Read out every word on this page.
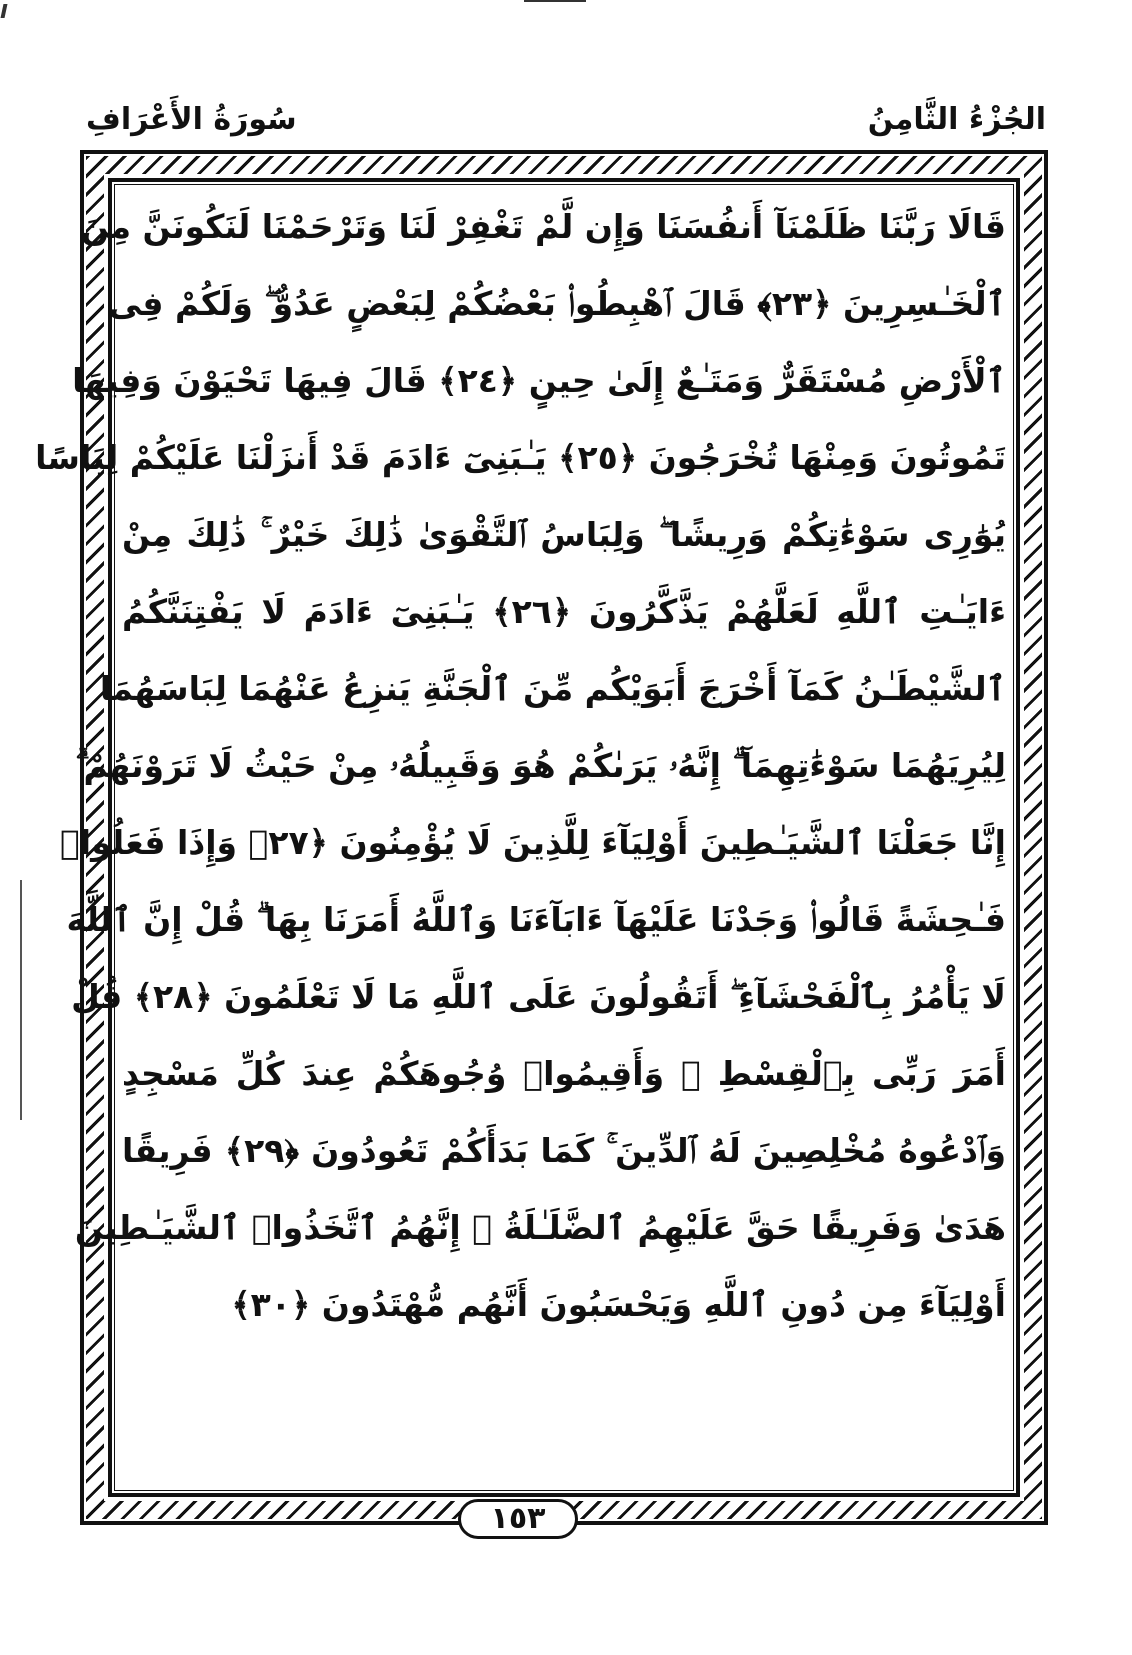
سُورَةُ الأَعْرَافِ	الجُزْءُ الثَّامِنُ
قَالَا رَبَّنَا ظَلَمْنَآ أَنفُسَنَا وَإِن لَّمْ تَغْفِرْ لَنَا وَتَرْحَمْنَا لَنَكُونَنَّ مِنَ
ٱلْخَـٰسِرِينَ ﴿٢٣﴾ قَالَ ٱهْبِطُوا۟ بَعْضُكُمْ لِبَعْضٍ عَدُوٌّ ۖ وَلَكُمْ فِى
ٱلْأَرْضِ مُسْتَقَرٌّ وَمَتَـٰعٌ إِلَىٰ حِينٍ ﴿٢٤﴾ قَالَ فِيهَا تَحْيَوْنَ وَفِيهَا
تَمُوتُونَ وَمِنْهَا تُخْرَجُونَ ﴿٢٥﴾ يَـٰبَنِىٓ ءَادَمَ قَدْ أَنزَلْنَا عَلَيْكُمْ لِبَاسًا
يُوَٰرِى سَوْءَٰتِكُمْ وَرِيشًا ۖ وَلِبَاسُ ٱلتَّقْوَىٰ ذَٰلِكَ خَيْرٌ ۚ ذَٰلِكَ مِنْ
ءَايَـٰتِ ٱللَّهِ لَعَلَّهُمْ يَذَّكَّرُونَ ﴿٢٦﴾ يَـٰبَنِىٓ ءَادَمَ لَا يَفْتِنَنَّكُمُ
ٱلشَّيْطَـٰنُ كَمَآ أَخْرَجَ أَبَوَيْكُم مِّنَ ٱلْجَنَّةِ يَنزِعُ عَنْهُمَا لِبَاسَهُمَا
لِيُرِيَهُمَا سَوْءَٰتِهِمَآ ۗ إِنَّهُۥ يَرَىٰكُمْ هُوَ وَقَبِيلُهُۥ مِنْ حَيْثُ لَا تَرَوْنَهُمْ ۗ
إِنَّا جَعَلْنَا ٱلشَّيَـٰطِينَ أَوْلِيَآءَ لِلَّذِينَ لَا يُؤْمِنُونَ ﴿٢٧﴾ وَإِذَا فَعَلُوا۟
فَـٰحِشَةً قَالُوا۟ وَجَدْنَا عَلَيْهَآ ءَابَآءَنَا وَٱللَّهُ أَمَرَنَا بِهَا ۗ قُلْ إِنَّ ٱللَّهَ
لَا يَأْمُرُ بِٱلْفَحْشَآءِ ۖ أَتَقُولُونَ عَلَى ٱللَّهِ مَا لَا تَعْلَمُونَ ﴿٢٨﴾ قُلْ
أَمَرَ رَبِّى بِٱلْقِسْطِ ۖ وَأَقِيمُوا۟ وُجُوهَكُمْ عِندَ كُلِّ مَسْجِدٍ
وَٱدْعُوهُ مُخْلِصِينَ لَهُ ٱلدِّينَ ۚ كَمَا بَدَأَكُمْ تَعُودُونَ ﴿٢٩﴾ فَرِيقًا
هَدَىٰ وَفَرِيقًا حَقَّ عَلَيْهِمُ ٱلضَّلَـٰلَةُ ۗ إِنَّهُمُ ٱتَّخَذُوا۟ ٱلشَّيَـٰطِينَ
أَوْلِيَآءَ مِن دُونِ ٱللَّهِ وَيَحْسَبُونَ أَنَّهُم مُّهْتَدُونَ ﴿٣٠﴾
١٥٣
